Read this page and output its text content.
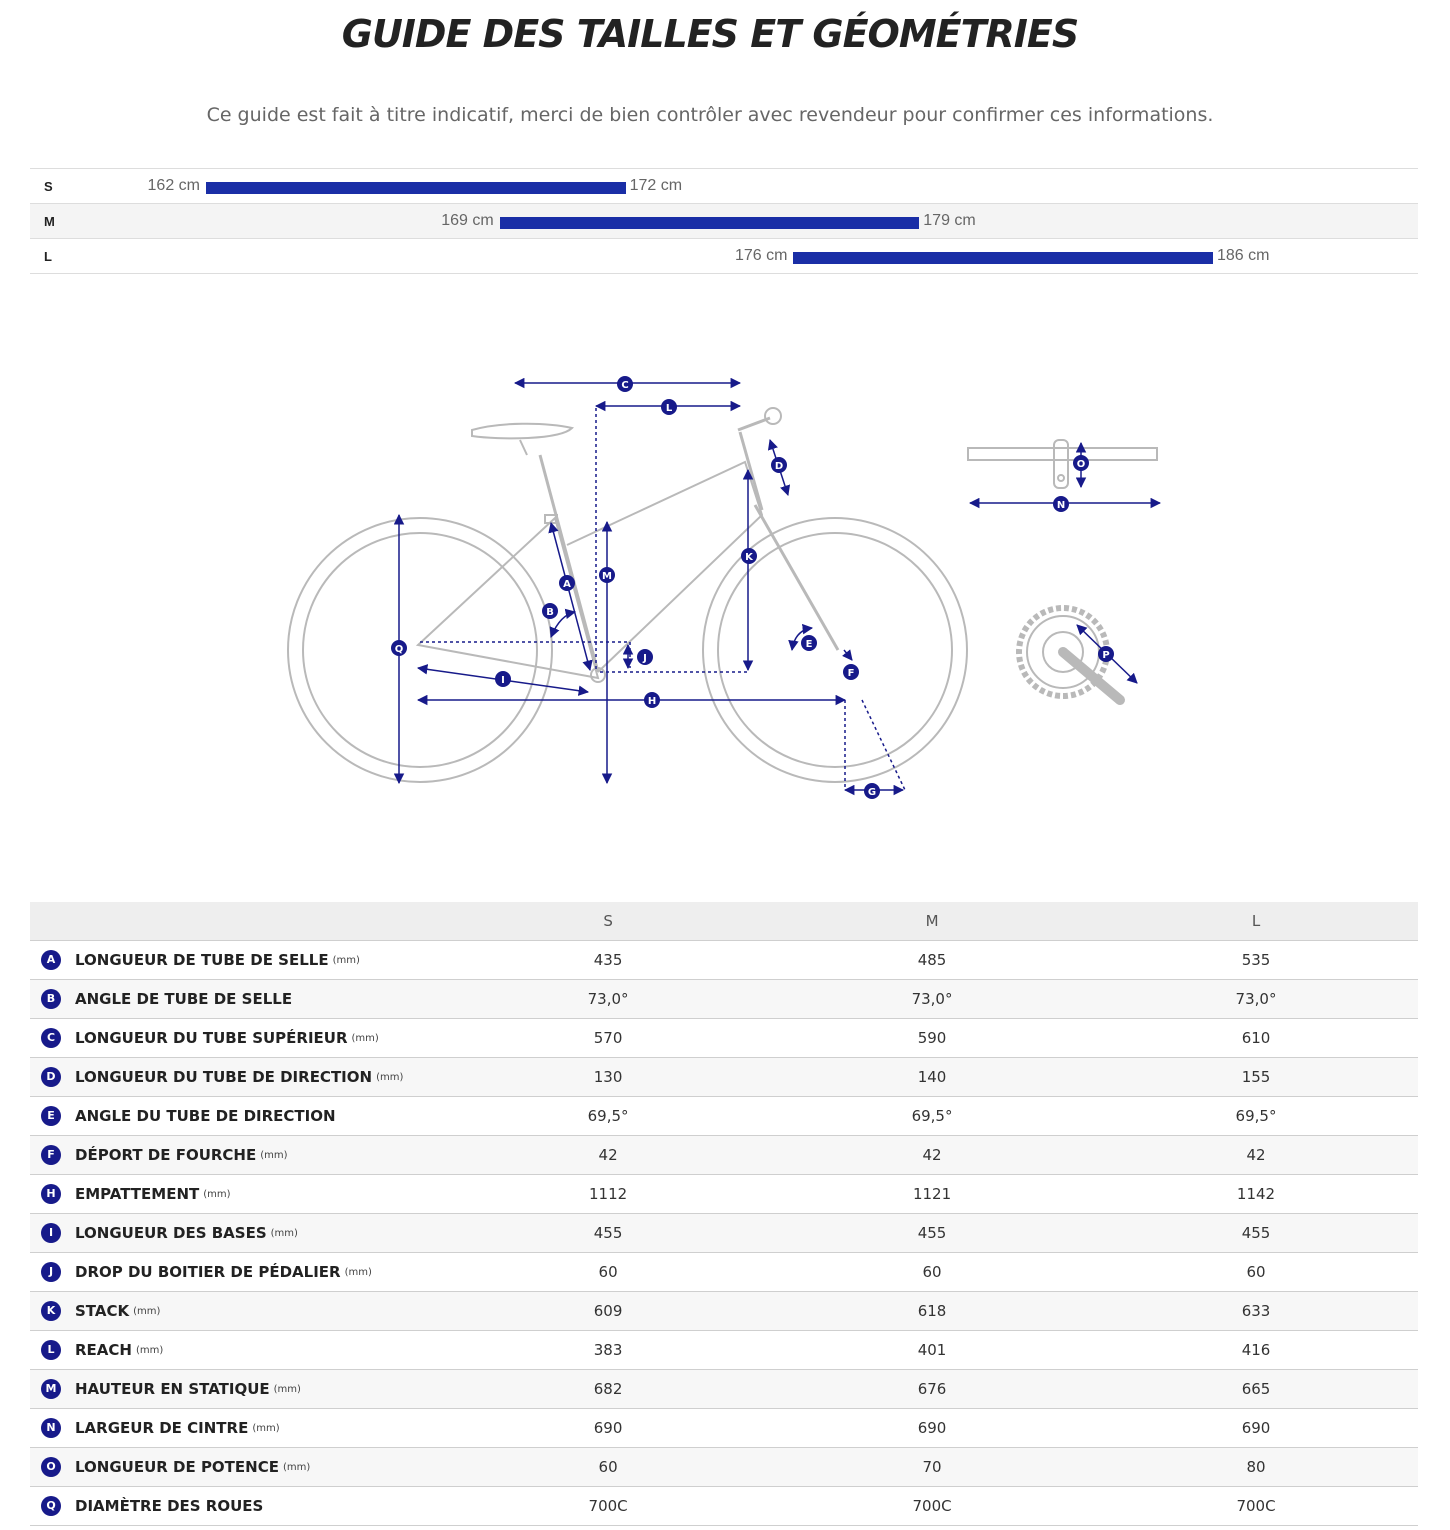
GUIDE DES TAILLES ET GÉOMÉTRIES
Ce guide est fait à titre indicatif, merci de bien contrôler avec revendeur pour confirmer ces informations.
S	162 cm	172 cm
M	169 cm	179 cm
L	176 cm	186 cm
A
B
C
D
E
F
G
H
I
J
K
L
M
N
O
P
Q
	S	M	L
A LONGUEUR DE TUBE DE SELLE (mm)	435	485	535
B ANGLE DE TUBE DE SELLE	73,0°	73,0°	73,0°
C LONGUEUR DU TUBE SUPÉRIEUR (mm)	570	590	610
D LONGUEUR DU TUBE DE DIRECTION (mm)	130	140	155
E ANGLE DU TUBE DE DIRECTION	69,5°	69,5°	69,5°
F DÉPORT DE FOURCHE (mm)	42	42	42
H EMPATTEMENT (mm)	1112	1121	1142
I LONGUEUR DES BASES (mm)	455	455	455
J DROP DU BOITIER DE PÉDALIER (mm)	60	60	60
K STACK (mm)	609	618	633
L REACH (mm)	383	401	416
M HAUTEUR EN STATIQUE (mm)	682	676	665
N LARGEUR DE CINTRE (mm)	690	690	690
O LONGUEUR DE POTENCE (mm)	60	70	80
Q DIAMÈTRE DES ROUES	700C	700C	700C
